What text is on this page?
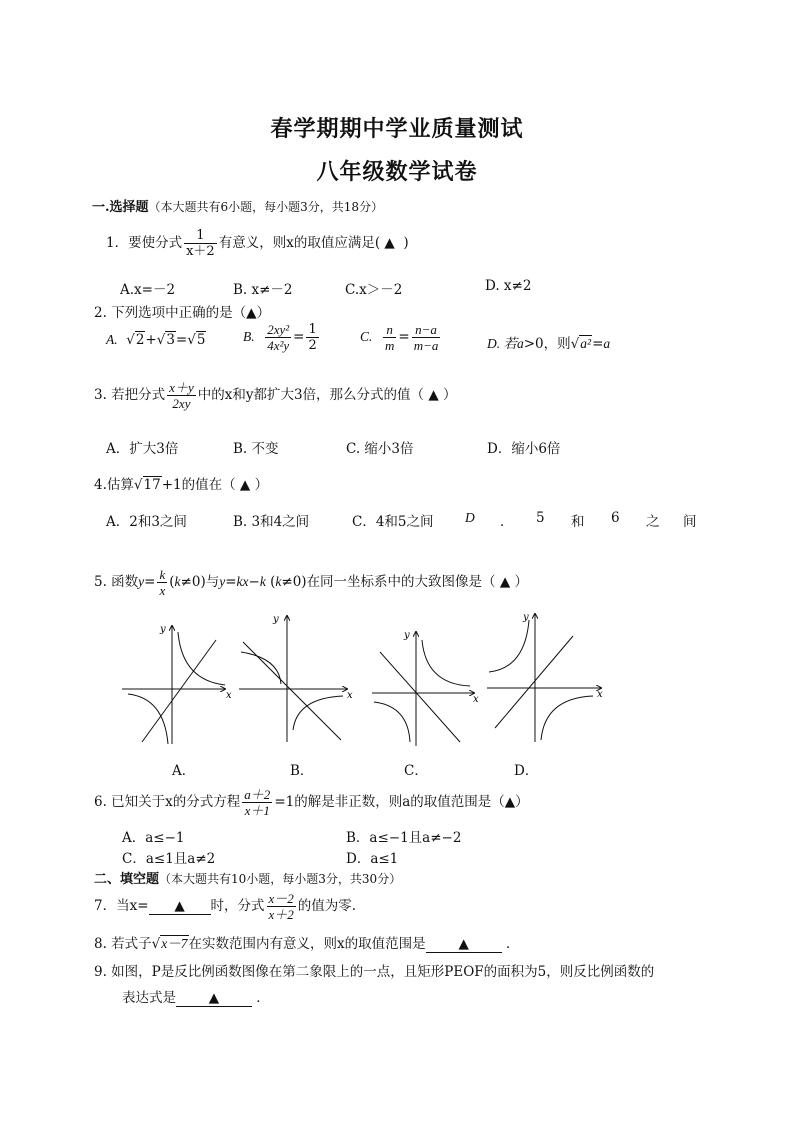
春学期期中学业质量测试
八年级数学试卷
一.选择题（本大题共有6小题，每小题3分，共18分）
1．要使分式 $\frac{1}{x+2}$ 有意义，则x的取值应满足( ▲ )
A.x=－2	B. x≠－2	C.x＞－2	D. x≠2
2. 下列选项中正确的是（▲）
A.  √2+√3=√5	B. $\frac{\text{2xy²}}{\text{4x²y}} = \frac{1}{2}$	C. $\frac{n}{m} = \frac{n-a}{m-a}$	D. 若a>0，则√a²=a
3. 若把分式 $\frac{x+y}{2xy}$ 中的x和y都扩大3倍，那么分式的值（ ▲ ）
A．扩大3倍	B. 不变	C. 缩小3倍	D．缩小6倍
4.估算√17+1的值在（ ▲ ）
A．2和3之间	B. 3和4之间	C．4和5之间 D ． 5 和 6 之 间
5. 函数$y= \frac{k}{x} (k\ne 0)$与y=kx−k (k≠0)在同一坐标系中的大致图像是（ ▲ ）
x
y
x
y
x
y
x
y
A．	B．	C．	D．
6. 已知关于x的分式方程 $\frac{a+2}{x+1} =1$的解是非正数，则a的取值范围是（▲）
A．a≤−1	B．a≤−1且a≠−2
C．a≤1且a≠2	D．a≤1
二、填空题（本大题共有10小题，每小题3分，共30分）
7．当x= ▲ 时，分式 $\frac{x-2}{x+2}$ 的值为零.
8. 若式子√x－7在实数范围内有意义，则x的取值范围是 ▲	．
9. 如图，P是反比例函数图像在第二象限上的一点，且矩形PEOF的面积为5，则反比例函数的
表达式是 ▲	．
